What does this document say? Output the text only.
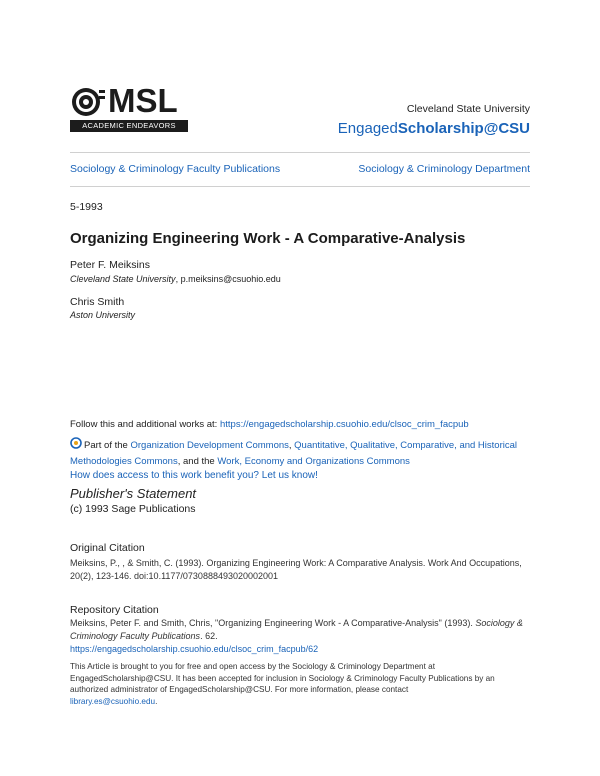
MSL
ACADEMIC ENDEAVORS
Cleveland State University
EngagedScholarship@CSU
Sociology & Criminology Faculty Publications	Sociology & Criminology Department
5-1993
Organizing Engineering Work - A Comparative-Analysis
Peter F. Meiksins
Cleveland State University, p.meiksins@csuohio.edu
Chris Smith
Aston University
Follow this and additional works at: https://engagedscholarship.csuohio.edu/clsoc_crim_facpub
Part of the Organization Development Commons, Quantitative, Qualitative, Comparative, and Historical Methodologies Commons, and the Work, Economy and Organizations Commons
How does access to this work benefit you? Let us know!
Publisher's Statement
(c) 1993 Sage Publications
Original Citation
Meiksins, P., , & Smith, C. (1993). Organizing Engineering Work: A Comparative Analysis. Work And Occupations, 20(2), 123-146. doi:10.1177/0730888493020002001
Repository Citation
Meiksins, Peter F. and Smith, Chris, "Organizing Engineering Work - A Comparative-Analysis" (1993). Sociology & Criminology Faculty Publications. 62.
https://engagedscholarship.csuohio.edu/clsoc_crim_facpub/62
This Article is brought to you for free and open access by the Sociology & Criminology Department at EngagedScholarship@CSU. It has been accepted for inclusion in Sociology & Criminology Faculty Publications by an authorized administrator of EngagedScholarship@CSU. For more information, please contact
library.es@csuohio.edu.
